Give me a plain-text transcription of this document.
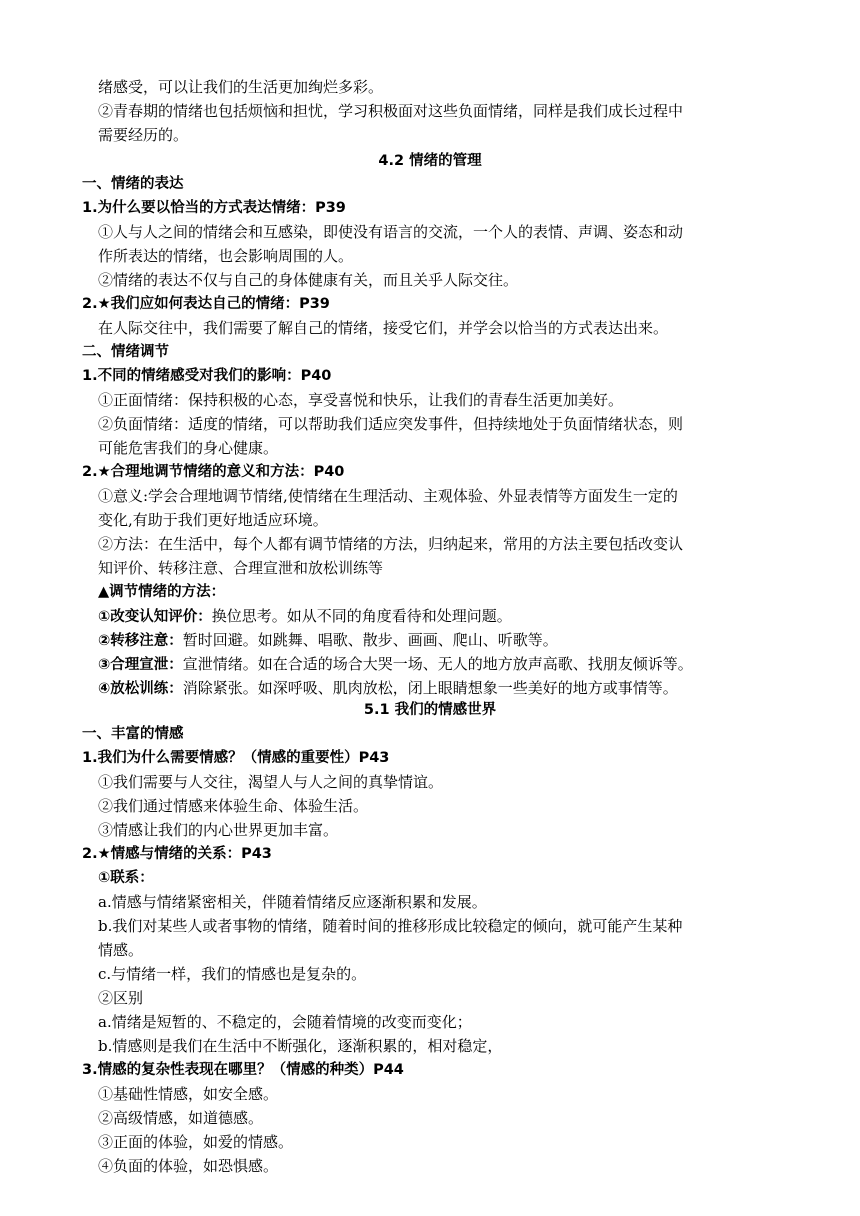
绪感受，可以让我们的生活更加绚烂多彩。
②青春期的情绪也包括烦恼和担忧，学习积极面对这些负面情绪，同样是我们成长过程中
需要经历的。
4.2 情绪的管理
一、情绪的表达
1.为什么要以恰当的方式表达情绪：P39
①人与人之间的情绪会和互感染，即使没有语言的交流，一个人的表情、声调、姿态和动
作所表达的情绪，也会影响周围的人。
②情绪的表达不仅与自己的身体健康有关，而且关乎人际交往。
2.★我们应如何表达自己的情绪：P39
在人际交往中，我们需要了解自己的情绪，接受它们，并学会以恰当的方式表达出来。
二、情绪调节
1.不同的情绪感受对我们的影响：P40
①正面情绪：保持积极的心态，享受喜悦和快乐，让我们的青春生活更加美好。
②负面情绪：适度的情绪，可以帮助我们适应突发事件，但持续地处于负面情绪状态，则
可能危害我们的身心健康。
2.★合理地调节情绪的意义和方法：P40
①意义:学会合理地调节情绪,使情绪在生理活动、主观体验、外显表情等方面发生一定的
变化,有助于我们更好地适应环境。
②方法：在生活中，每个人都有调节情绪的方法，归纳起来，常用的方法主要包括改变认
知评价、转移注意、合理宣泄和放松训练等
▲调节情绪的方法：
①改变认知评价：换位思考。如从不同的角度看待和处理问题。
②转移注意：暂时回避。如跳舞、唱歌、散步、画画、爬山、听歌等。
③合理宣泄：宣泄情绪。如在合适的场合大哭一场、无人的地方放声高歌、找朋友倾诉等。
④放松训练：消除紧张。如深呼吸、肌肉放松，闭上眼睛想象一些美好的地方或事情等。
5.1 我们的情感世界
一、丰富的情感
1.我们为什么需要情感？（情感的重要性）P43
①我们需要与人交往，渴望人与人之间的真挚情谊。
②我们通过情感来体验生命、体验生活。
③情感让我们的内心世界更加丰富。
2.★情感与情绪的关系：P43
①联系：
a.情感与情绪紧密相关，伴随着情绪反应逐渐积累和发展。
b.我们对某些人或者事物的情绪，随着时间的推移形成比较稳定的倾向，就可能产生某种
情感。
c.与情绪一样，我们的情感也是复杂的。
②区别
a.情绪是短暂的、不稳定的，会随着情境的改变而变化；
b.情感则是我们在生活中不断强化，逐渐积累的，相对稳定，
3.情感的复杂性表现在哪里？（情感的种类）P44
①基础性情感，如安全感。
②高级情感，如道德感。
③正面的体验，如爱的情感。
④负面的体验，如恐惧感。
